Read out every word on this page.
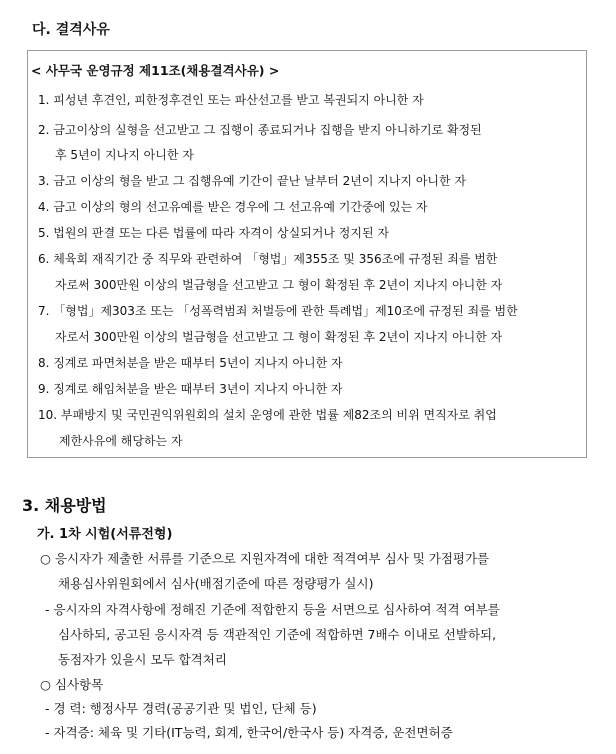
다. 결격사유
< 사무국 운영규정 제11조(채용결격사유) >
1. 피성년 후견인, 피한정후견인 또는 파산선고를 받고 복권되지 아니한 자
2. 금고이상의 실형을 선고받고 그 집행이 종료되거나 집행을 받지 아니하기로 확정된
후 5년이 지나지 아니한 자
3. 금고 이상의 형을 받고 그 집행유예 기간이 끝난 날부터 2년이 지나지 아니한 자
4. 금고 이상의 형의 선고유예를 받은 경우에 그 선고유예 기간중에 있는 자
5. 법원의 판결 또는 다른 법률에 따라 자격이 상실되거나 정지된 자
6. 체육회 재직기간 중 직무와 관련하여 「형법」제355조 및 356조에 규정된 죄를 범한
자로써 300만원 이상의 벌금형을 선고받고 그 형이 확정된 후 2년이 지나지 아니한 자
7. 「형법」제303조 또는 「성폭력범죄 처벌등에 관한 특례법」제10조에 규정된 죄를 범한
자로서 300만원 이상의 벌금형을 선고받고 그 형이 확정된 후 2년이 지나지 아니한 자
8. 징계로 파면처분을 받은 때부터 5년이 지나지 아니한 자
9. 징계로 해임처분을 받은 때부터 3년이 지나지 아니한 자
10. 부패방지 및 국민권익위원회의 설치 운영에 관한 법률 제82조의 비위 면직자로 취업
제한사유에 해당하는 자
3. 채용방법
가. 1차 시험(서류전형)
○ 응시자가 제출한 서류를 기준으로 지원자격에 대한 적격여부 심사 및 가점평가를
채용심사위원회에서 심사(배점기준에 따른 정량평가 실시)
- 응시자의 자격사항에 정해진 기준에 적합한지 등을 서면으로 심사하여 적격 여부를
심사하되, 공고된 응시자격 등 객관적인 기준에 적합하면 7배수 이내로 선발하되,
동점자가 있을시 모두 합격처리
○ 심사항목
- 경 력: 행정사무 경력(공공기관 및 법인, 단체 등)
- 자격증: 체육 및 기타(IT능력, 회계, 한국어/한국사 등) 자격증, 운전면허증
